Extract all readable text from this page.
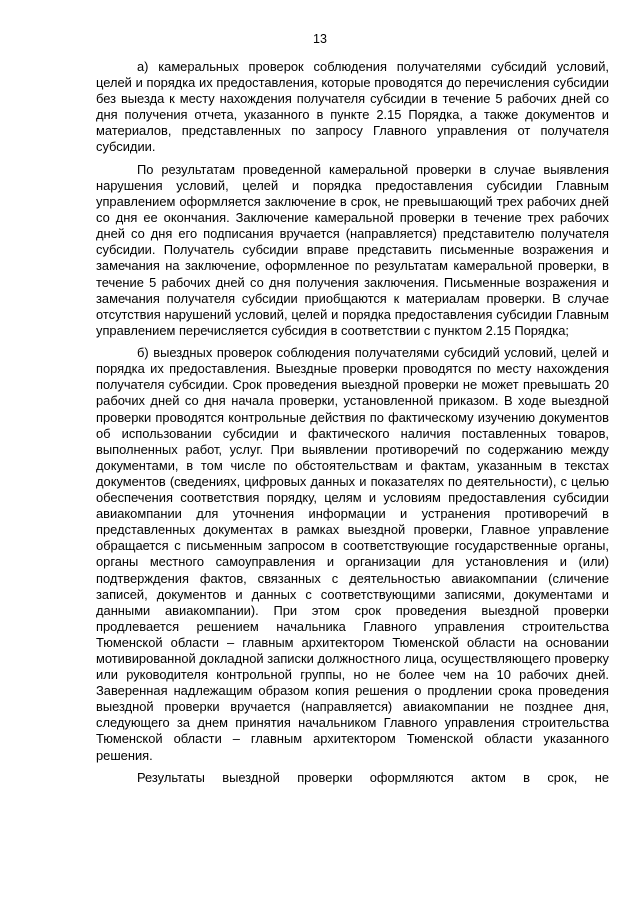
13

а) камеральных проверок соблюдения получателями субсидий условий, целей и порядка их предоставления, которые проводятся до перечисления субсидии без выезда к месту нахождения получателя субсидии в течение 5 рабочих дней со дня получения отчета, указанного в пункте 2.15 Порядка, а также документов и материалов, представленных по запросу Главного управления от получателя субсидии.

По результатам проведенной камеральной проверки в случае выявления нарушения условий, целей и порядка предоставления субсидии Главным управлением оформляется заключение в срок, не превышающий трех рабочих дней со дня ее окончания. Заключение камеральной проверки в течение трех рабочих дней со дня его подписания вручается (направляется) представителю получателя субсидии. Получатель субсидии вправе представить письменные возражения и замечания на заключение, оформленное по результатам камеральной проверки, в течение 5 рабочих дней со дня получения заключения. Письменные возражения и замечания получателя субсидии приобщаются к материалам проверки. В случае отсутствия нарушений условий, целей и порядка предоставления субсидии Главным управлением перечисляется субсидия в соответствии с пунктом 2.15 Порядка;

б) выездных проверок соблюдения получателями субсидий условий, целей и порядка их предоставления. Выездные проверки проводятся по месту нахождения получателя субсидии. Срок проведения выездной проверки не может превышать 20 рабочих дней со дня начала проверки, установленной приказом. В ходе выездной проверки проводятся контрольные действия по фактическому изучению документов об использовании субсидии и фактического наличия поставленных товаров, выполненных работ, услуг. При выявлении противоречий по содержанию между документами, в том числе по обстоятельствам и фактам, указанным в текстах документов (сведениях, цифровых данных и показателях по деятельности), с целью обеспечения соответствия порядку, целям и условиям предоставления субсидии авиакомпании для уточнения информации и устранения противоречий в представленных документах в рамках выездной проверки, Главное управление обращается с письменным запросом в соответствующие государственные органы, органы местного самоуправления и организации для установления и (или) подтверждения фактов, связанных с деятельностью авиакомпании (сличение записей, документов и данных с соответствующими записями, документами и данными авиакомпании). При этом срок проведения выездной проверки продлевается решением начальника Главного управления строительства Тюменской области – главным архитектором Тюменской области на основании мотивированной докладной записки должностного лица, осуществляющего проверку или руководителя контрольной группы, но не более чем на 10 рабочих дней. Заверенная надлежащим образом копия решения о продлении срока проведения выездной проверки вручается (направляется) авиакомпании не позднее дня, следующего за днем принятия начальником Главного управления строительства Тюменской области – главным архитектором Тюменской области указанного решения.

Результаты выездной проверки оформляются актом в срок, не
